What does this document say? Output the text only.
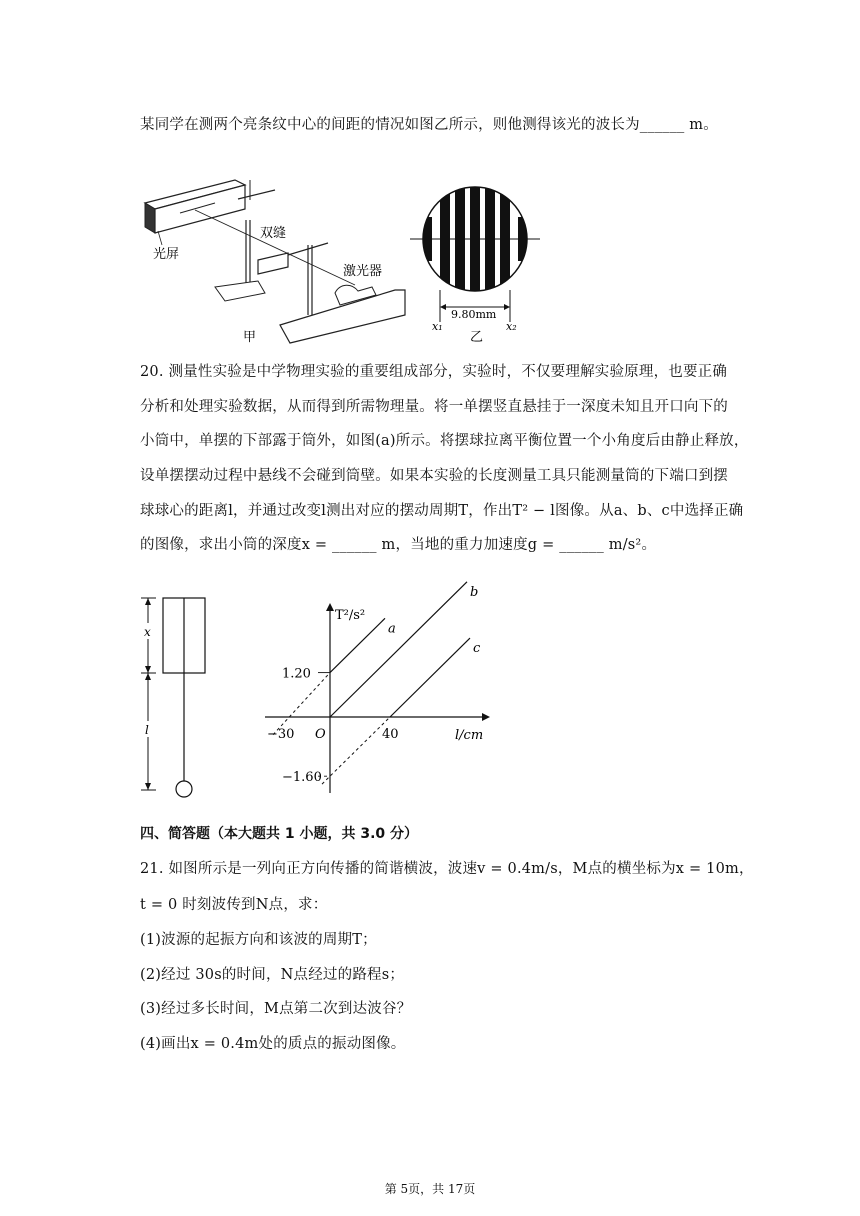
某同学在测两个亮条纹中心的间距的情况如图乙所示，则他测得该光的波长为______ m。
光屏
双缝
激光器
甲
9.80mm
x₁	x₂
乙
20. 测量性实验是中学物理实验的重要组成部分，实验时，不仅要理解实验原理，也要正确
分析和处理实验数据，从而得到所需物理量。将一单摆竖直悬挂于一深度未知且开口向下的
小筒中，单摆的下部露于筒外，如图(a)所示。将摆球拉离平衡位置一个小角度后由静止释放，
设单摆摆动过程中悬线不会碰到筒壁。如果本实验的长度测量工具只能测量筒的下端口到摆
球球心的距离l，并通过改变l测出对应的摆动周期T，作出T² − l图像。从a、b、c中选择正确
的图像，求出小筒的深度x = ______ m，当地的重力加速度g = ______ m/s²。
x
l
T²/s²
l/cm
−30 O	40
1.20
−1.60
a
b
c
四、简答题（本大题共 1 小题，共 3.0 分）
21. 如图所示是一列向正方向传播的简谐横波，波速v = 0.4m/s，M点的横坐标为x = 10m，
t = 0 时刻波传到N点，求：
(1)波源的起振方向和该波的周期T；
(2)经过 30s的时间，N点经过的路程s；
(3)经过多长时间，M点第二次到达波谷？
(4)画出x = 0.4m处的质点的振动图像。
第 5页，共 17页
